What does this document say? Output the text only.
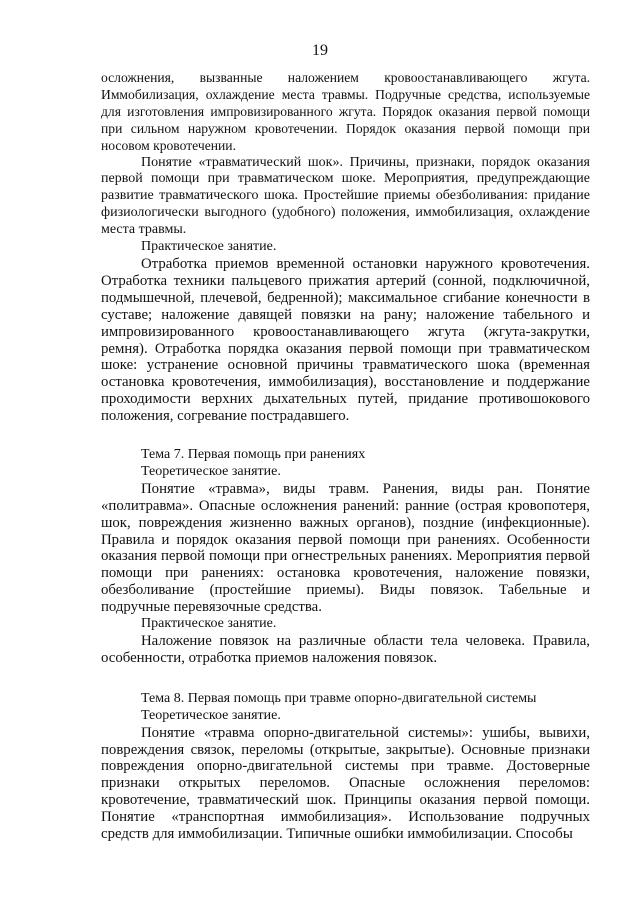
19

осложнения, вызванные наложением кровоостанавливающего жгута. Иммобилизация, охлаждение места травмы. Подручные средства, используемые для изготовления импровизированного жгута. Порядок оказания первой помощи при сильном наружном кровотечении. Порядок оказания первой помощи при носовом кровотечении.

Понятие «травматический шок». Причины, признаки, порядок оказания первой помощи при травматическом шоке. Мероприятия, предупреждающие развитие травматического шока. Простейшие приемы обезболивания: придание физиологически выгодного (удобного) положения, иммобилизация, охлаждение места травмы.

Практическое занятие.

Отработка приемов временной остановки наружного кровотечения. Отработка техники пальцевого прижатия артерий (сонной, подключичной, подмышечной, плечевой, бедренной); максимальное сгибание конечности в суставе; наложение давящей повязки на рану; наложение табельного и импровизированного кровоостанавливающего жгута (жгута-закрутки, ремня). Отработка порядка оказания первой помощи при травматическом шоке: устранение основной причины травматического шока (временная остановка кровотечения, иммобилизация), восстановление и поддержание проходимости верхних дыхательных путей, придание противошокового положения, согревание пострадавшего.

Тема 7. Первая помощь при ранениях

Теоретическое занятие.

Понятие «травма», виды травм. Ранения, виды ран. Понятие «политравма». Опасные осложнения ранений: ранние (острая кровопотеря, шок, повреждения жизненно важных органов), поздние (инфекционные). Правила и порядок оказания первой помощи при ранениях. Особенности оказания первой помощи при огнестрельных ранениях. Мероприятия первой помощи при ранениях: остановка кровотечения, наложение повязки, обезболивание (простейшие приемы). Виды повязок. Табельные и подручные перевязочные средства.

Практическое занятие.

Наложение повязок на различные области тела человека. Правила, особенности, отработка приемов наложения повязок.

Тема 8. Первая помощь при травме опорно-двигательной системы

Теоретическое занятие.

Понятие «травма опорно-двигательной системы»: ушибы, вывихи, повреждения связок, переломы (открытые, закрытые). Основные признаки повреждения опорно-двигательной системы при травме. Достоверные признаки открытых переломов. Опасные осложнения переломов: кровотечение, травматический шок. Принципы оказания первой помощи. Понятие «транспортная иммобилизация». Использование подручных средств для иммобилизации. Типичные ошибки иммобилизации. Способы
